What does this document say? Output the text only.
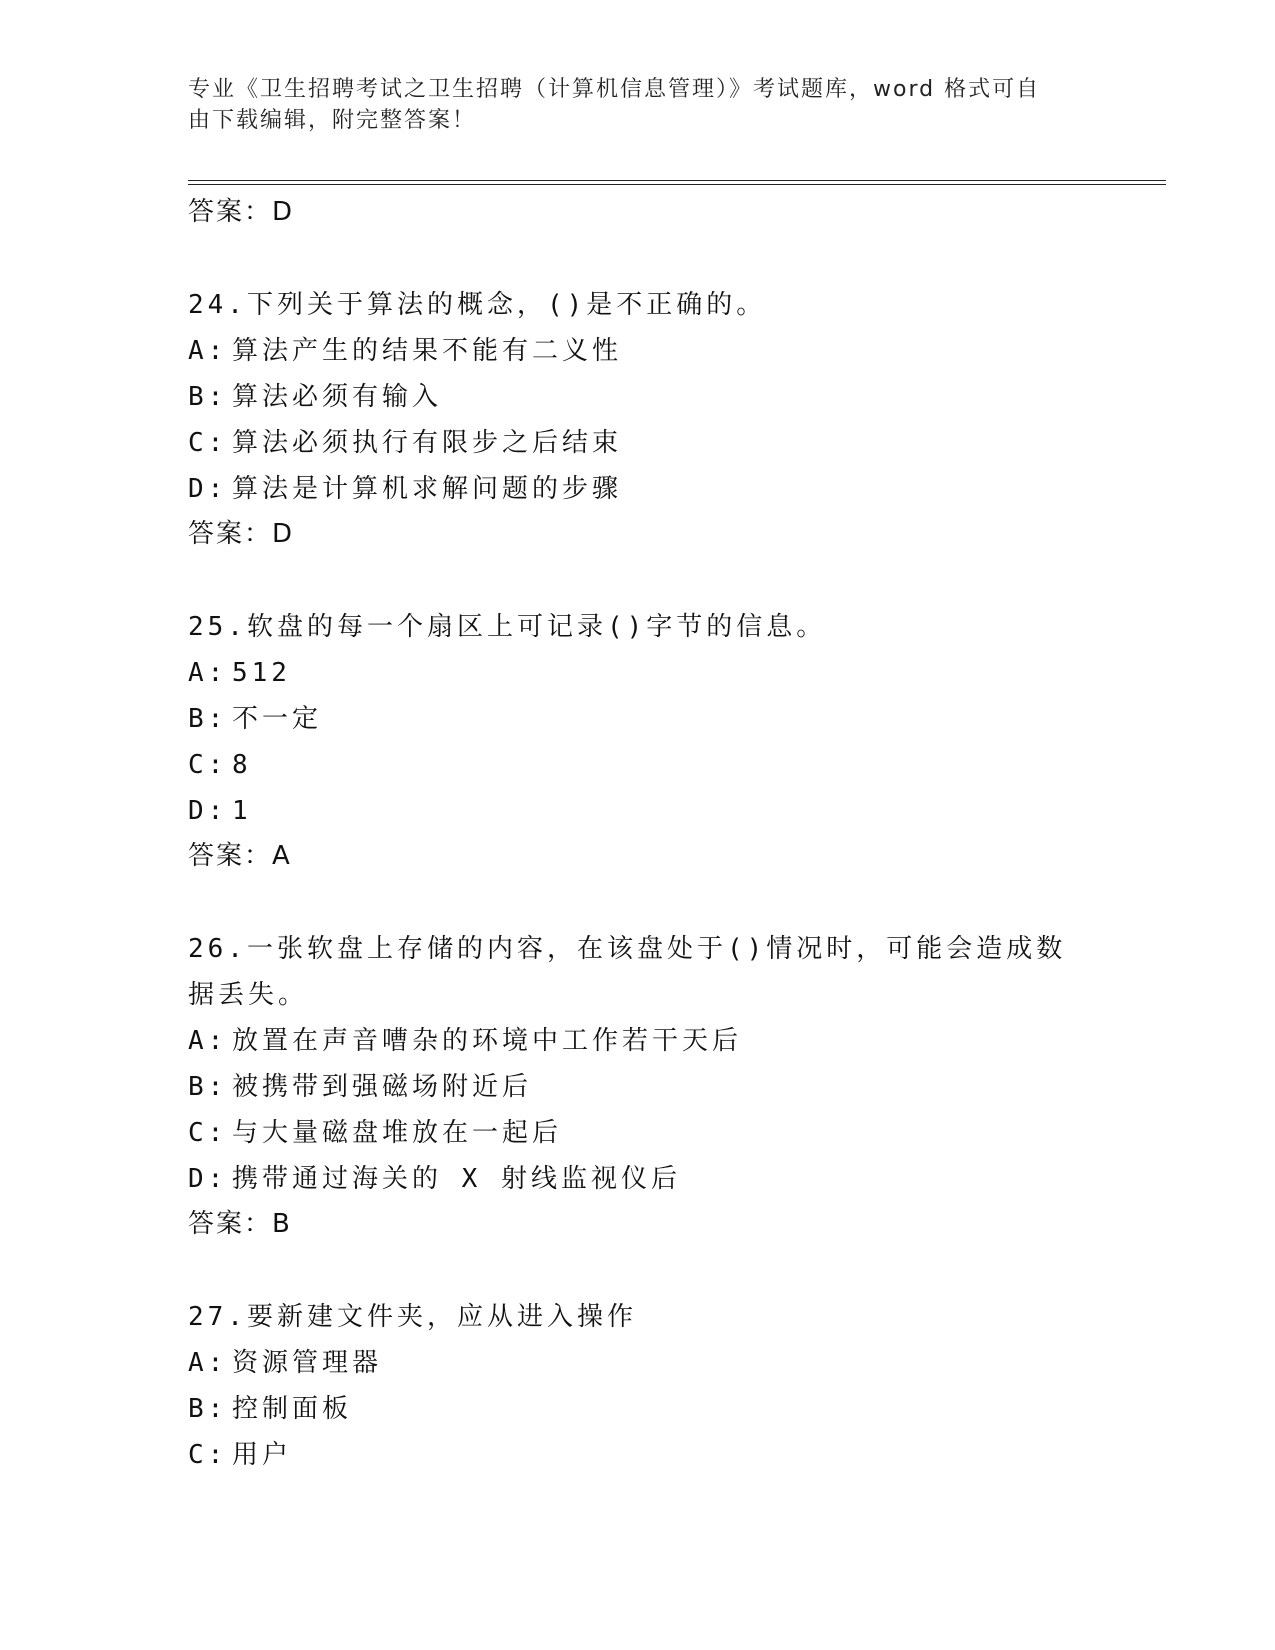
专业《卫生招聘考试之卫生招聘（计算机信息管理）》考试题库，word 格式可自
由下载编辑，附完整答案！
答案：D
24.下列关于算法的概念，()是不正确的。
A: 算法产生的结果不能有二义性
B: 算法必须有输入
C: 算法必须执行有限步之后结束
D: 算法是计算机求解问题的步骤
答案：D
25.软盘的每一个扇区上可记录()字节的信息。
A: 512
B: 不一定
C: 8
D: 1
答案：A
26.一张软盘上存储的内容，在该盘处于()情况时，可能会造成数据丢失。
A: 放置在声音嘈杂的环境中工作若干天后
B: 被携带到强磁场附近后
C: 与大量磁盘堆放在一起后
D: 携带通过海关的 X 射线监视仪后
答案：B
27.要新建文件夹，应从进入操作
A: 资源管理器
B: 控制面板
C: 用户
